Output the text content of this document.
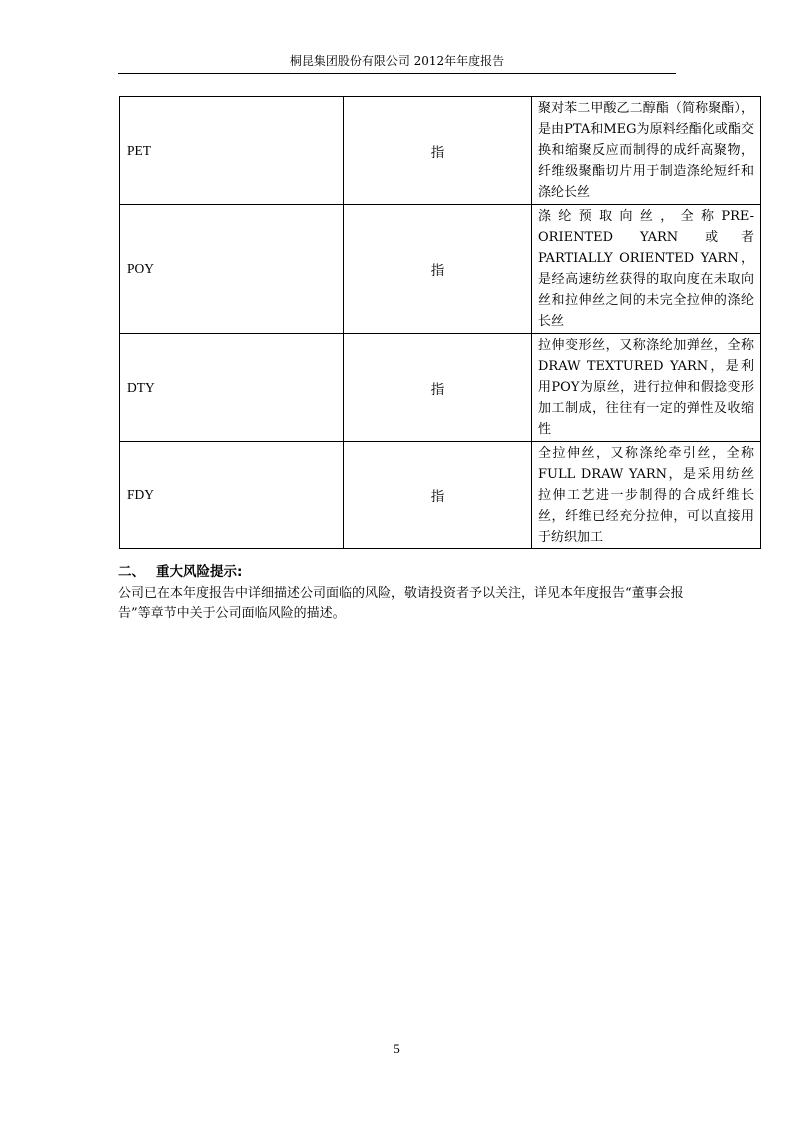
桐昆集团股份有限公司 2012年年度报告
PET	指	聚对苯二甲酸乙二醇酯（简称聚酯），是由PTA和MEG为原料经酯化或酯交换和缩聚反应而制得的成纤高聚物，纤维级聚酯切片用于制造涤纶短纤和涤纶长丝
POY	指	涤纶预取向丝，全称PRE-ORIENTED YARN 或者PARTIALLY ORIENTED YARN，是经高速纺丝获得的取向度在未取向丝和拉伸丝之间的未完全拉伸的涤纶长丝
DTY	指	拉伸变形丝，又称涤纶加弹丝，全称DRAW TEXTURED YARN，是利用POY为原丝，进行拉伸和假捻变形加工制成，往往有一定的弹性及收缩性
FDY	指	全拉伸丝，又称涤纶牵引丝，全称FULL DRAW YARN，是采用纺丝拉伸工艺进一步制得的合成纤维长丝，纤维已经充分拉伸，可以直接用于纺织加工
二、 重大风险提示:
公司已在本年度报告中详细描述公司面临的风险，敬请投资者予以关注，详见本年度报告“董事会报告”等章节中关于公司面临风险的描述。
5
